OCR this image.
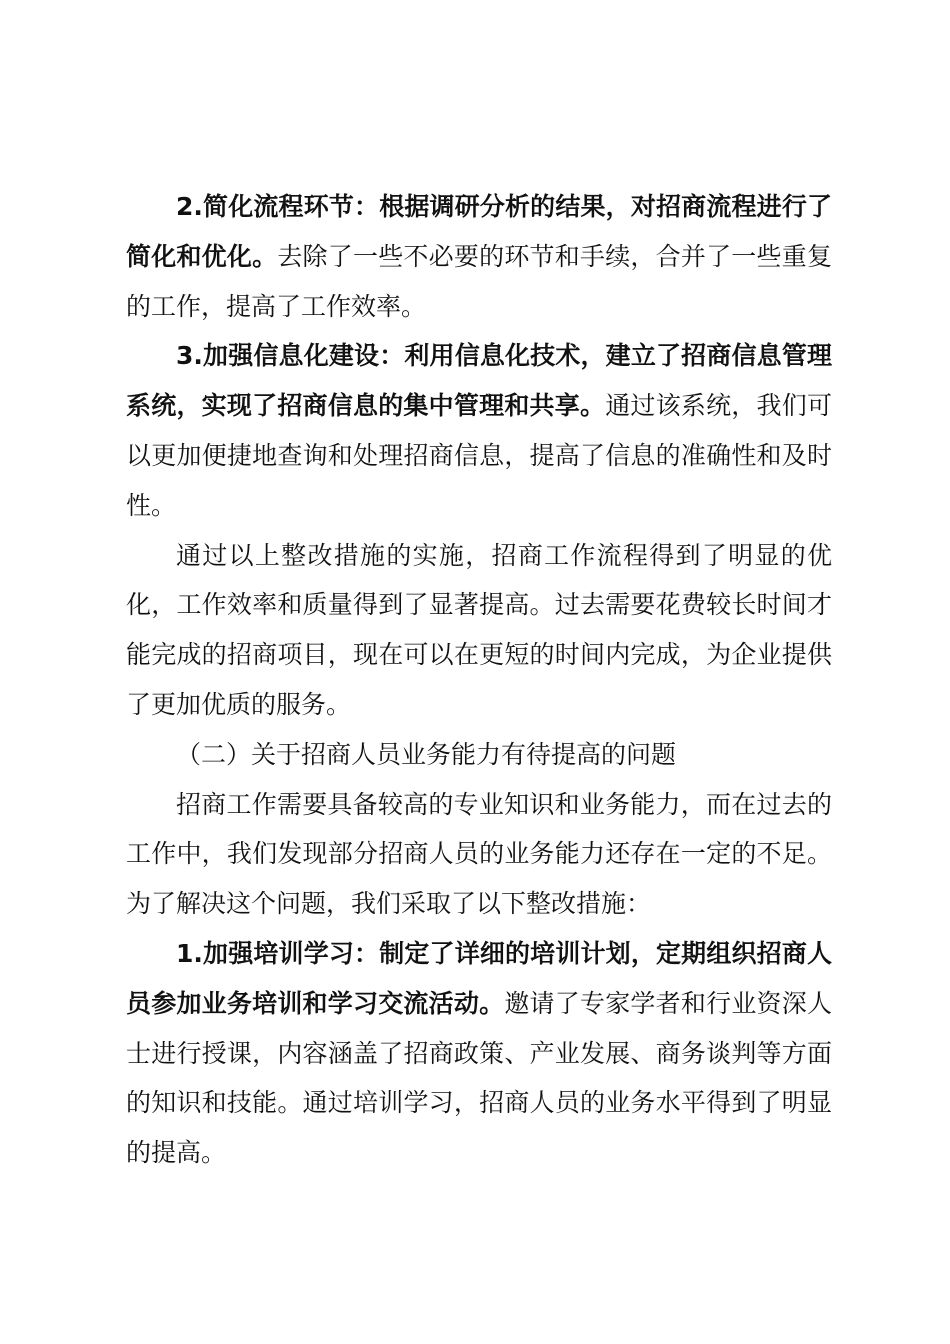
2.简化流程环节：根据调研分析的结果，对招商流程进行了简化和优化。去除了一些不必要的环节和手续，合并了一些重复的工作，提高了工作效率。

3.加强信息化建设：利用信息化技术，建立了招商信息管理系统，实现了招商信息的集中管理和共享。通过该系统，我们可以更加便捷地查询和处理招商信息，提高了信息的准确性和及时性。

通过以上整改措施的实施，招商工作流程得到了明显的优化，工作效率和质量得到了显著提高。过去需要花费较长时间才能完成的招商项目，现在可以在更短的时间内完成，为企业提供了更加优质的服务。

（二）关于招商人员业务能力有待提高的问题

招商工作需要具备较高的专业知识和业务能力，而在过去的工作中，我们发现部分招商人员的业务能力还存在一定的不足。为了解决这个问题，我们采取了以下整改措施：

1.加强培训学习：制定了详细的培训计划，定期组织招商人员参加业务培训和学习交流活动。邀请了专家学者和行业资深人士进行授课，内容涵盖了招商政策、产业发展、商务谈判等方面的知识和技能。通过培训学习，招商人员的业务水平得到了明显的提高。
